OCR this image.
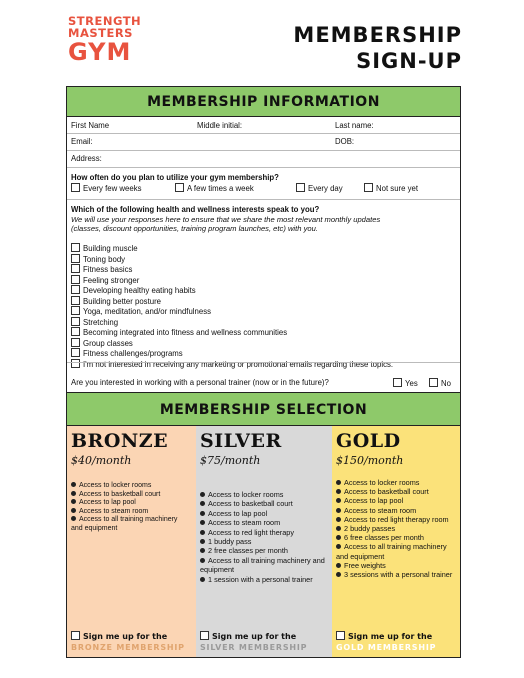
STRENGTH
MASTERS
GYM
MEMBERSHIP
SIGN-UP
MEMBERSHIP INFORMATION
First Name	Middle initial:	Last name:
Email:	DOB:
Address:
How often do you plan to utilize your gym membership?
Every few weeks	A few times a week	Every day	Not sure yet
Which of the following health and wellness interests speak to you?
We will use your responses here to ensure that we share the most relevant monthly updates
(classes, discount opportunities, training program launches, etc) with you.
Building muscle
Toning body
Fitness basics
Feeling stronger
Developing healthy eating habits
Building better posture
Yoga, meditation, and/or mindfulness
Stretching
Becoming integrated into fitness and wellness communities
Group classes
Fitness challenges/programs
I'm not interested in receiving any marketing or promotional emails regarding these topics.
Are you interested in working with a personal trainer (now or in the future)?	Yes	No
MEMBERSHIP SELECTION
BRONZE
$40/month
Access to locker rooms
Access to basketball court
Access to lap pool
Access to steam room
Access to all training machinery and equipment
Sign me up for the
BRONZE MEMBERSHIP
SILVER
$75/month
Access to locker rooms
Access to basketball court
Access to lap pool
Access to steam room
Access to red light therapy
1 buddy pass
2 free classes per month
Access to all training machinery and equipment
1 session with a personal trainer
Sign me up for the
SILVER MEMBERSHIP
GOLD
$150/month
Access to locker rooms
Access to basketball court
Access to lap pool
Access to steam room
Access to red light therapy room
2 buddy passes
6 free classes per month
Access to all training machinery and equipment
Free weights
3 sessions with a personal trainer
Sign me up for the
GOLD MEMBERSHIP
